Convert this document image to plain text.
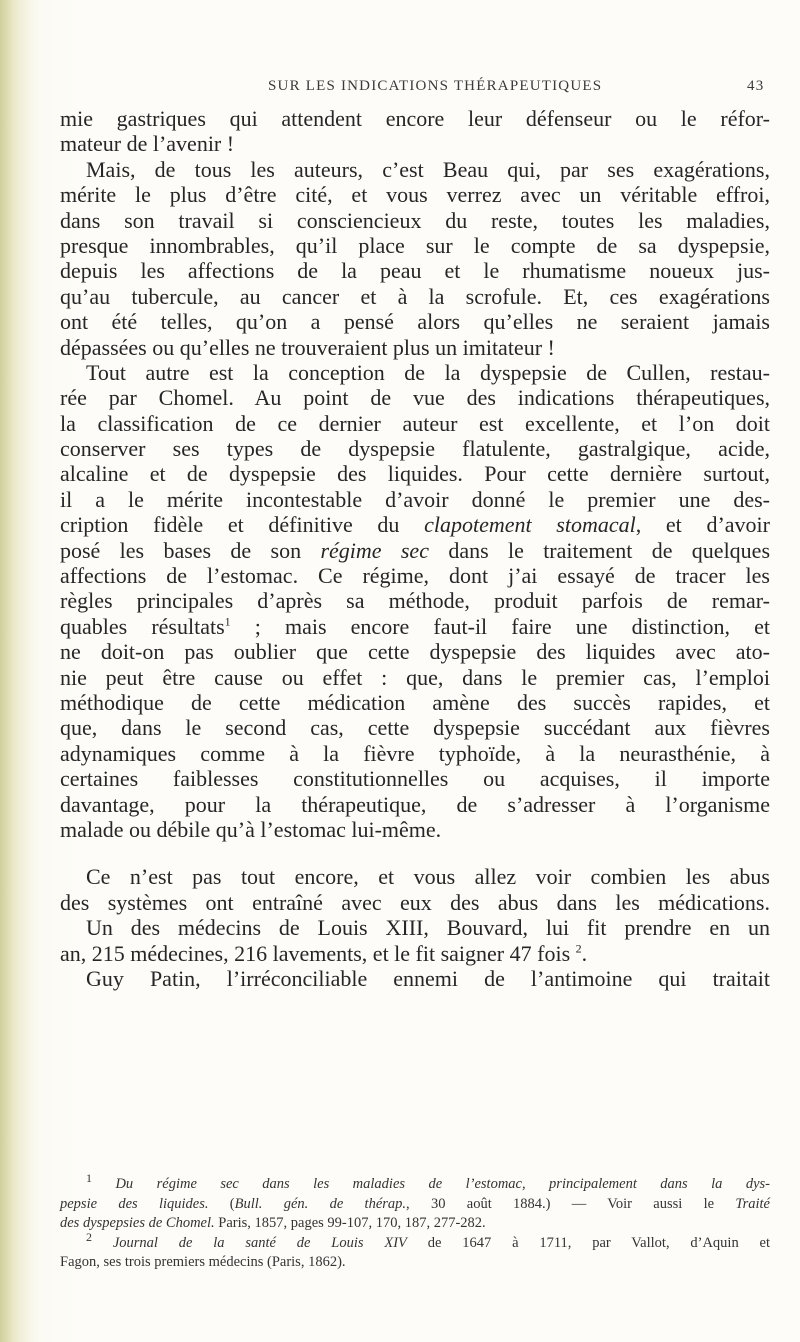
SUR LES INDICATIONS THÉRAPEUTIQUES	43
mie gastriques qui attendent encore leur défenseur ou le réfor-
mateur de l’avenir !
Mais, de tous les auteurs, c’est Beau qui, par ses exagérations,
mérite le plus d’être cité, et vous verrez avec un véritable effroi,
dans son travail si consciencieux du reste, toutes les maladies,
presque innombrables, qu’il place sur le compte de sa dyspepsie,
depuis les affections de la peau et le rhumatisme noueux jus-
qu’au tubercule, au cancer et à la scrofule. Et, ces exagérations
ont été telles, qu’on a pensé alors qu’elles ne seraient jamais
dépassées ou qu’elles ne trouveraient plus un imitateur !
Tout autre est la conception de la dyspepsie de Cullen, restau-
rée par Chomel. Au point de vue des indications thérapeutiques,
la classification de ce dernier auteur est excellente, et l’on doit
conserver ses types de dyspepsie flatulente, gastralgique, acide,
alcaline et de dyspepsie des liquides. Pour cette dernière surtout,
il a le mérite incontestable d’avoir donné le premier une des-
cription fidèle et définitive du clapotement stomacal, et d’avoir
posé les bases de son régime sec dans le traitement de quelques
affections de l’estomac. Ce régime, dont j’ai essayé de tracer les
règles principales d’après sa méthode, produit parfois de remar-
quables résultats$^1$ ; mais encore faut-il faire une distinction, et
ne doit-on pas oublier que cette dyspepsie des liquides avec ato-
nie peut être cause ou effet : que, dans le premier cas, l’emploi
méthodique de cette médication amène des succès rapides, et
que, dans le second cas, cette dyspepsie succédant aux fièvres
adynamiques comme à la fièvre typhoïde, à la neurasthénie, à
certaines faiblesses constitutionnelles ou acquises, il importe
davantage, pour la thérapeutique, de s’adresser à l’organisme
malade ou débile qu’à l’estomac lui-même.
Ce n’est pas tout encore, et vous allez voir combien les abus
des systèmes ont entraîné avec eux des abus dans les médications.
Un des médecins de Louis XIII, Bouvard, lui fit prendre en un
an, 215 médecines, 216 lavements, et le fit saigner 47 fois $^2$.
Guy Patin, l’irréconciliable ennemi de l’antimoine qui traitait
$^1$ Du régime sec dans les maladies de l’estomac, principalement dans la dys-
pepsie des liquides. (Bull. gén. de thérap., 30 août 1884.) — Voir aussi le Traité
des dyspepsies de Chomel. Paris, 1857, pages 99-107, 170, 187, 277-282.
$^2$ Journal de la santé de Louis XIV de 1647 à 1711, par Vallot, d’Aquin et
Fagon, ses trois premiers médecins (Paris, 1862).
